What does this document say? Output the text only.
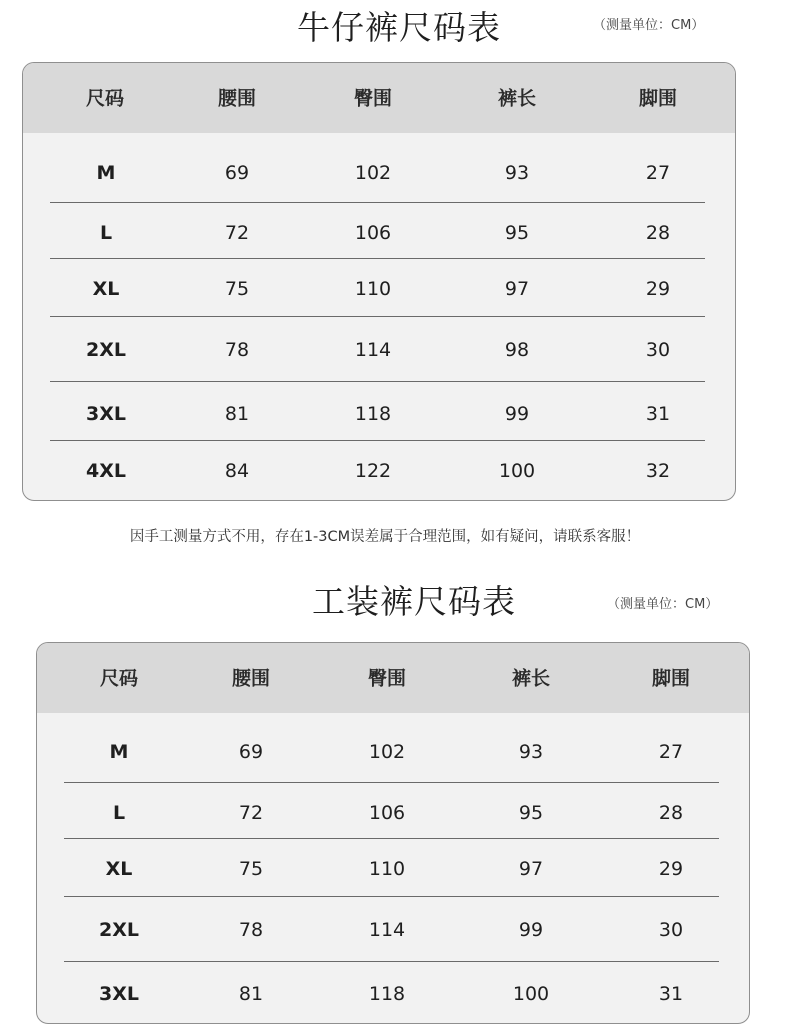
牛仔裤尺码表	（测量单位：CM）
尺码	腰围	臀围	裤长	脚围
M	69	102	93	27
L	72	106	95	28
XL	75	110	97	29
2XL	78	114	98	30
3XL	81	118	99	31
4XL	84	122	100	32
因手工测量方式不用，存在1-3CM误差属于合理范围，如有疑问，请联系客服！
工装裤尺码表	（测量单位：CM）
尺码	腰围	臀围	裤长	脚围
M	69	102	93	27
L	72	106	95	28
XL	75	110	97	29
2XL	78	114	99	30
3XL	81	118	100	31
